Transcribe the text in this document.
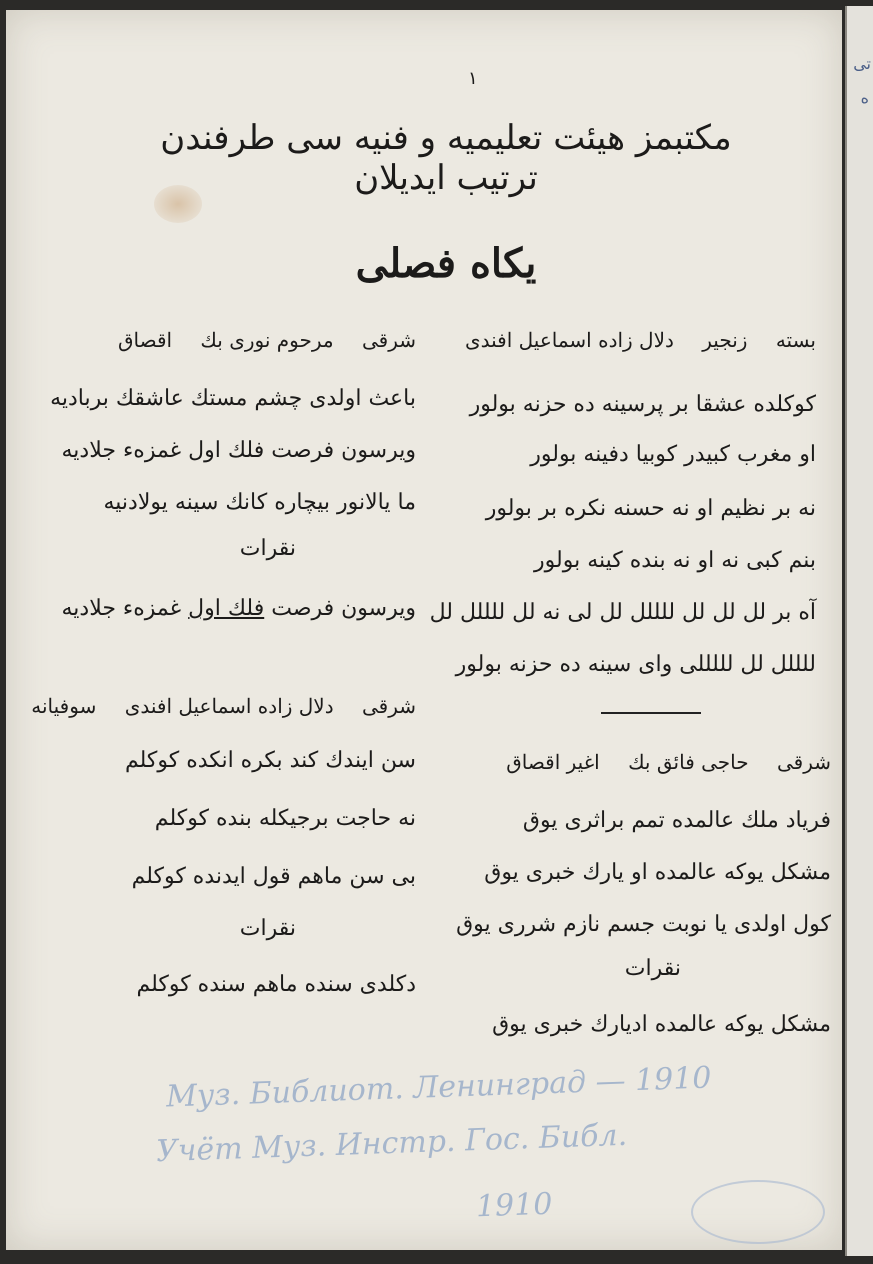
١
مكتبمز هيئت تعليميه و فنيه سى طرفندن ترتيب ايديلان
يكاه فصلى
بسته زنجير دلال زاده اسماعيل افندى
كوكلده عشقا بر پرسينه ده حزنه بولور
او مغرب كبيدر كوبيا دفينه بولور
نه بر نظيم او نه حسنه نكره بر بولور
بنم كبى نه او نه بنده كينه بولور
آه بر لل لل لل للللل لل لى نه لل للللل لل
للللل لل لللللى واى سينه ده حزنه بولور
شرقى حاجى فائق بك اغير اقصاق
فرياد ملك عالمده تمم براثرى يوق
مشكل يوكه عالمده او يارك خبرى يوق
كول اولدى يا نوبت جسم نازم شررى يوق
نقرات
مشكل يوكه عالمده اديارك خبرى يوق
شرقى مرحوم نورى بك اقصاق
باعث اولدى چشم مستك عاشقك برباديه
ويرسون فرصت فلك اول غمزهء جلاديه
ما يالانور بيچاره كانك سينه يولادنيه
نقرات
ويرسون فرصت فلك اول غمزهء جلاديه
شرقى دلال زاده اسماعيل افندى سوفيانه
سن ايندك كند بكره انكده كوكلم
نه حاجت برجيكله بنده كوكلم
بى سن ماهم قول ايدنده كوكلم
نقرات
دكلدى سنده ماهم سنده كوكلم
Муз. Библиот. Ленинград — 1910
Учёт Муз. Инстр. Гос. Библ.
1910
تى
ه
